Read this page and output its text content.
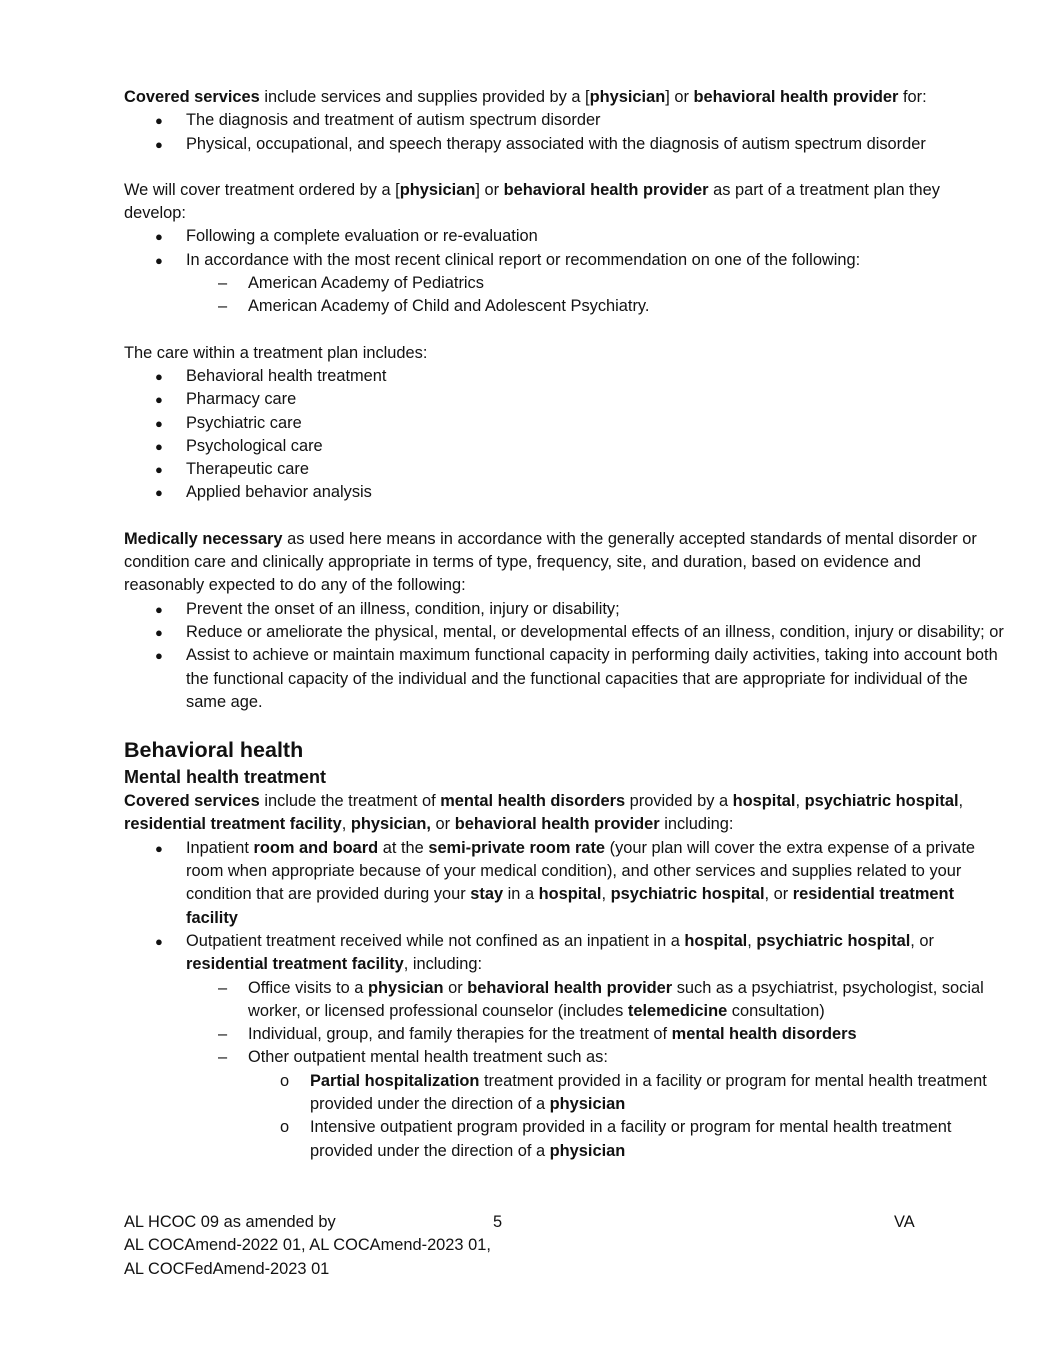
Covered services include services and supplies provided by a [physician] or behavioral health provider for:

● The diagnosis and treatment of autism spectrum disorder
● Physical, occupational, and speech therapy associated with the diagnosis of autism spectrum disorder

We will cover treatment ordered by a [physician] or behavioral health provider as part of a treatment plan they develop:

● Following a complete evaluation or re-evaluation
● In accordance with the most recent clinical report or recommendation on one of the following:
– American Academy of Pediatrics
– American Academy of Child and Adolescent Psychiatry.

The care within a treatment plan includes:

● Behavioral health treatment
● Pharmacy care
● Psychiatric care
● Psychological care
● Therapeutic care
● Applied behavior analysis

Medically necessary as used here means in accordance with the generally accepted standards of mental disorder or condition care and clinically appropriate in terms of type, frequency, site, and duration, based on evidence and reasonably expected to do any of the following:

● Prevent the onset of an illness, condition, injury or disability;
● Reduce or ameliorate the physical, mental, or developmental effects of an illness, condition, injury or disability; or
● Assist to achieve or maintain maximum functional capacity in performing daily activities, taking into account both the functional capacity of the individual and the functional capacities that are appropriate for individual of the same age.
Behavioral health
Mental health treatment

Covered services include the treatment of mental health disorders provided by a hospital, psychiatric hospital, residential treatment facility, physician, or behavioral health provider including:

● Inpatient room and board at the semi-private room rate (your plan will cover the extra expense of a private room when appropriate because of your medical condition), and other services and supplies related to your condition that are provided during your stay in a hospital, psychiatric hospital, or residential treatment facility
● Outpatient treatment received while not confined as an inpatient in a hospital, psychiatric hospital, or residential treatment facility, including:
– Office visits to a physician or behavioral health provider such as a psychiatrist, psychologist, social worker, or licensed professional counselor (includes telemedicine consultation)
– Individual, group, and family therapies for the treatment of mental health disorders
– Other outpatient mental health treatment such as:
o Partial hospitalization treatment provided in a facility or program for mental health treatment provided under the direction of a physician
o Intensive outpatient program provided in a facility or program for mental health treatment provided under the direction of a physician
AL HCOC 09 as amended by
AL COCAmend-2022 01, AL COCAmend-2023 01,
AL COCFedAmend-2023 01
5	VA
